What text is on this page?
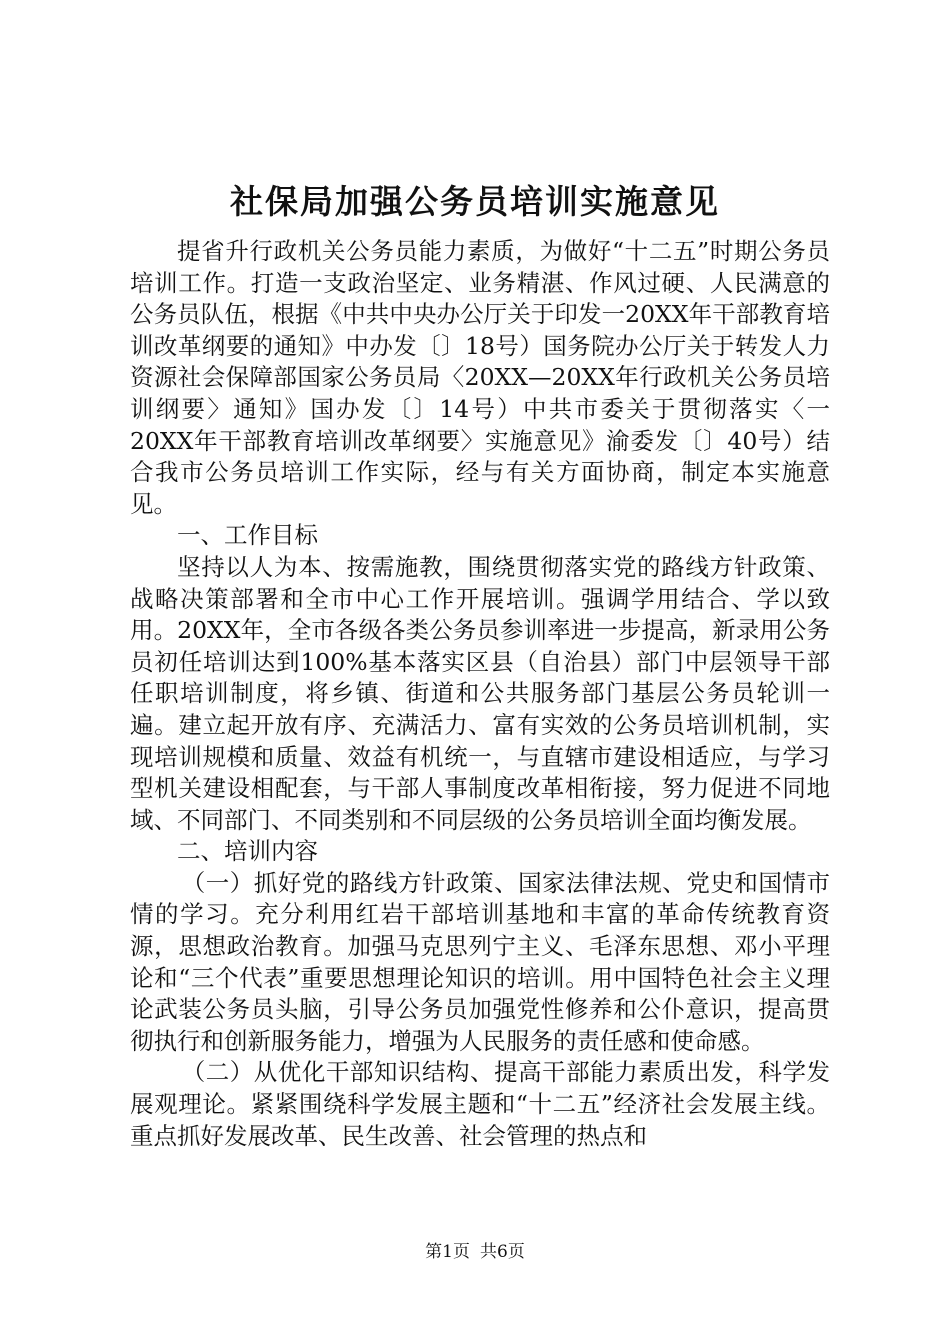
社保局加强公务员培训实施意见

提省升行政机关公务员能力素质，为做好“十二五”时期公务员培训工作。打造一支政治坚定、业务精湛、作风过硬、人民满意的公务员队伍，根据《中共中央办公厅关于印发一20XX年干部教育培训改革纲要的通知》中办发〔〕18号）国务院办公厅关于转发人力资源社会保障部国家公务员局〈20XX—20XX年行政机关公务员培训纲要〉通知》国办发〔〕14号）中共市委关于贯彻落实〈一20XX年干部教育培训改革纲要〉实施意见》渝委发〔〕40号）结合我市公务员培训工作实际，经与有关方面协商，制定本实施意见。

一、工作目标

坚持以人为本、按需施教，围绕贯彻落实党的路线方针政策、战略决策部署和全市中心工作开展培训。强调学用结合、学以致用。20XX年，全市各级各类公务员参训率进一步提高，新录用公务员初任培训达到100%基本落实区县（自治县）部门中层领导干部任职培训制度，将乡镇、街道和公共服务部门基层公务员轮训一遍。建立起开放有序、充满活力、富有实效的公务员培训机制，实现培训规模和质量、效益有机统一，与直辖市建设相适应，与学习型机关建设相配套，与干部人事制度改革相衔接，努力促进不同地域、不同部门、不同类别和不同层级的公务员培训全面均衡发展。

二、培训内容

（一）抓好党的路线方针政策、国家法律法规、党史和国情市情的学习。充分利用红岩干部培训基地和丰富的革命传统教育资源，思想政治教育。加强马克思列宁主义、毛泽东思想、邓小平理论和“三个代表”重要思想理论知识的培训。用中国特色社会主义理论武装公务员头脑，引导公务员加强党性修养和公仆意识，提高贯彻执行和创新服务能力，增强为人民服务的责任感和使命感。

（二）从优化干部知识结构、提高干部能力素质出发，科学发展观理论。紧紧围绕科学发展主题和“十二五”经济社会发展主线。重点抓好发展改革、民生改善、社会管理的热点和

第1页 共6页
